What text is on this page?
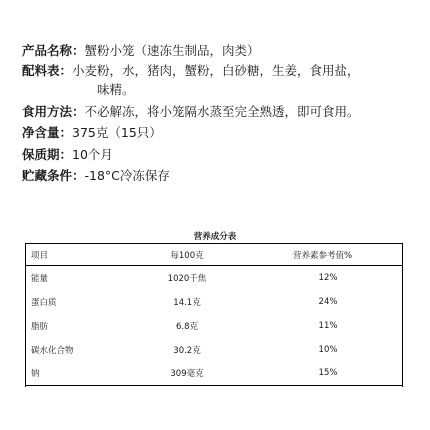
产品名称：蟹粉小笼（速冻生制品，肉类）
配料表：小麦粉，水，猪肉，蟹粉，白砂糖，生姜，食用盐，
味精。
食用方法：不必解冻，将小笼隔水蒸至完全熟透，即可食用。
净含量：375克（15只）
保质期：10个月
贮藏条件：-18°C冷冻保存
营养成分表
项目	每100克	营养素参考值%
能量	1020千焦	12%
蛋白质	14.1克	24%
脂肪	6.8克	11%
碳水化合物	30.2克	10%
钠	309毫克	15%
